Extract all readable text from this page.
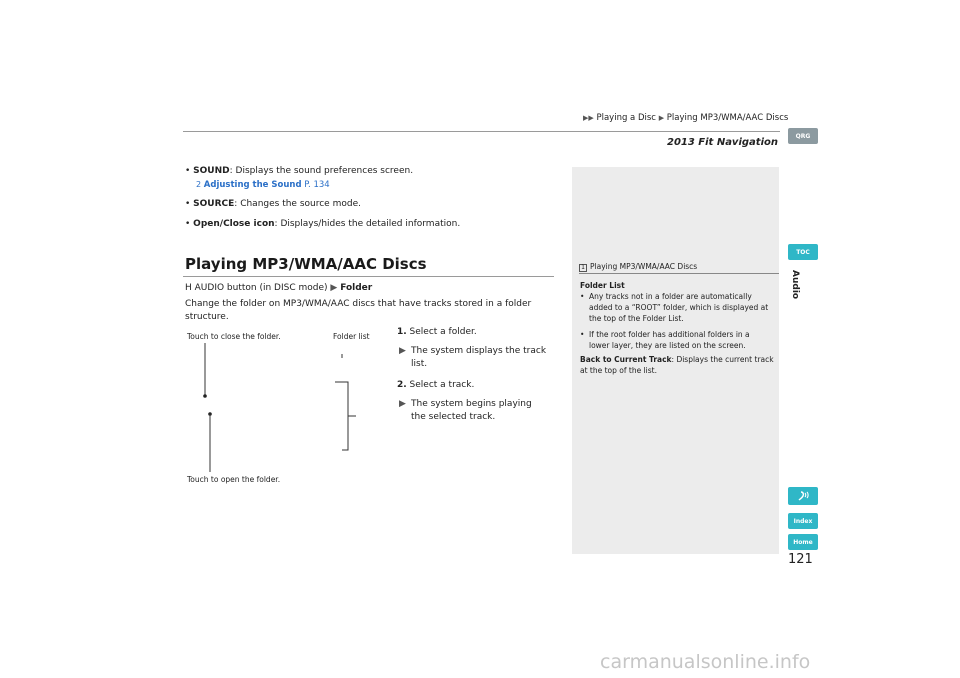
▶▶ Playing a Disc ▶ Playing MP3/WMA/AAC Discs
2013 Fit Navigation
QRG
TOC
Audio
Index
Home
• SOUND: Displays the sound preferences screen.
2 Adjusting the Sound P. 134
• SOURCE: Changes the source mode.
• Open/Close icon: Displays/hides the detailed information.
Playing MP3/WMA/AAC Discs
H AUDIO button (in DISC mode) ▶ Folder
Change the folder on MP3/WMA/AAC discs that have tracks stored in a folder structure.
Touch to close the folder.	Folder list
Touch to open the folder.
1. Select a folder.
▶ The system displays the track list.
2. Select a track.
▶ The system begins playing the selected track.
1 Playing MP3/WMA/AAC Discs
Folder List
• Any tracks not in a folder are automatically added to a “ROOT” folder, which is displayed at the top of the Folder List.
• If the root folder has additional folders in a lower layer, they are listed on the screen.
Back to Current Track: Displays the current track at the top of the list.
121
carmanualsonline.info
